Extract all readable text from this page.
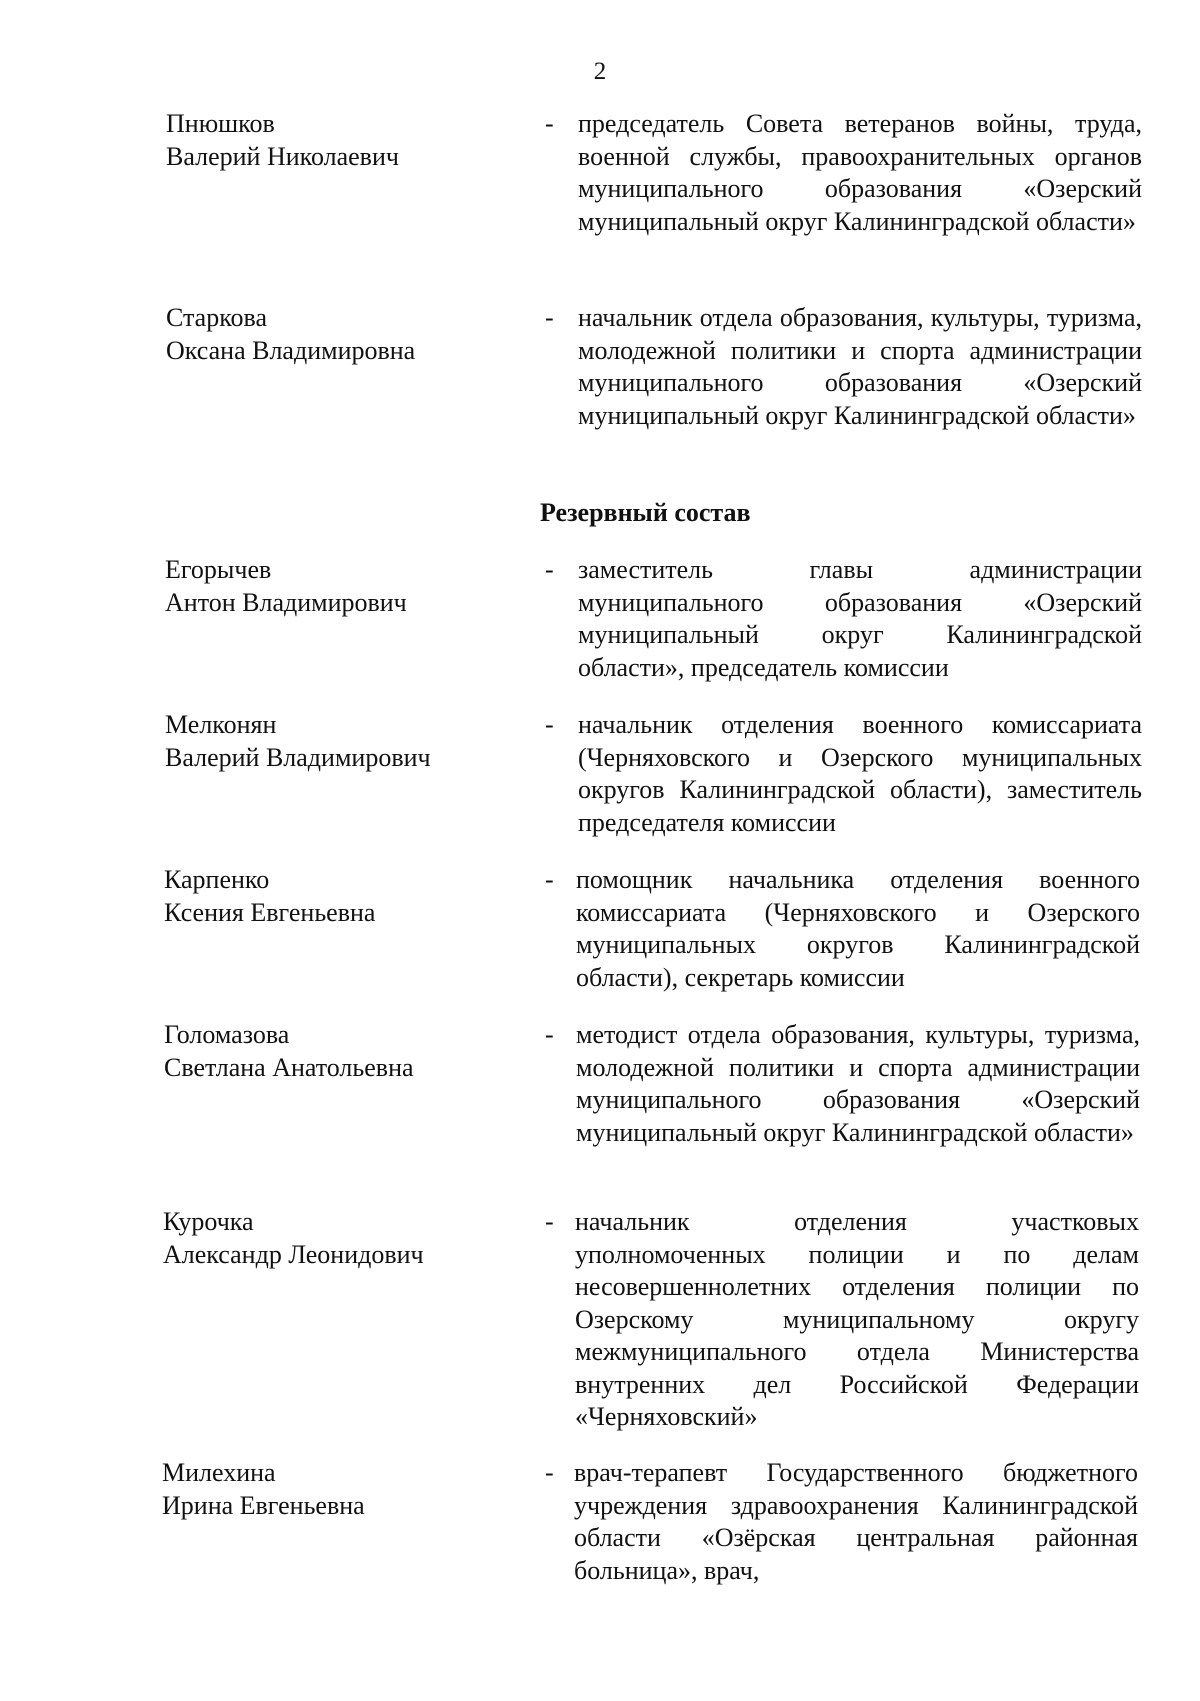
2
Пнюшков
Валерий Николаевич
- председатель Совета ветеранов войны, труда, военной службы, правоохранительных органов муниципального образования «Озерский муниципальный округ Калининградской области»
Старкова
Оксана Владимировна
- начальник отдела образования, культуры, туризма, молодежной политики и спорта администрации муниципального образования «Озерский муниципальный округ Калининградской области»
Резервный состав
Егорычев
Антон Владимирович
- заместитель главы администрации муниципального образования «Озерский муниципальный округ Калининградской области», председатель комиссии
Мелконян
Валерий Владимирович
- начальник отделения военного комиссариата (Черняховского и Озерского муниципальных округов Калининградской области), заместитель председателя комиссии
Карпенко
Ксения Евгеньевна
- помощник начальника отделения военного комиссариата (Черняховского и Озерского муниципальных округов Калининградской области), секретарь комиссии
Голомазова
Светлана Анатольевна
- методист отдела образования, культуры, туризма, молодежной политики и спорта администрации муниципального образования «Озерский муниципальный округ Калининградской области»
Курочка
Александр Леонидович
- начальник отделения участковых уполномоченных полиции и по делам несовершеннолетних отделения полиции по Озерскому муниципальному округу межмуниципального отдела Министерства внутренних дел Российской Федерации «Черняховский»
Милехина
Ирина Евгеньевна
- врач-терапевт Государственного бюджетного учреждения здравоохранения Калининградской области «Озёрская центральная районная больница», врач,
